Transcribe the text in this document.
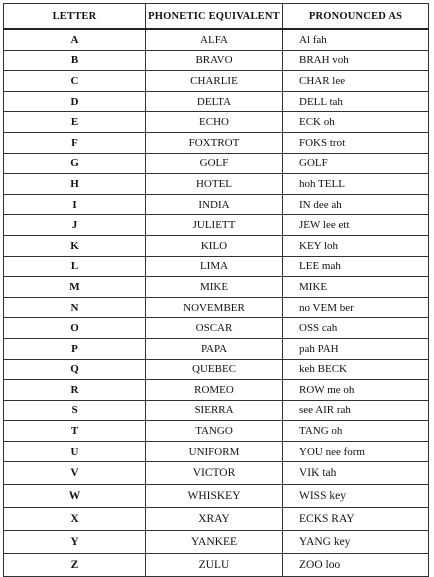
LETTER	PHONETIC EQUIVALENT	PRONOUNCED AS
A	ALFA	Al fah
B	BRAVO	BRAH voh
C	CHARLIE	CHAR lee
D	DELTA	DELL tah
E	ECHO	ECK oh
F	FOXTROT	FOKS trot
G	GOLF	GOLF
H	HOTEL	hoh TELL
I	INDIA	IN dee ah
J	JULIETT	JEW lee ett
K	KILO	KEY loh
L	LIMA	LEE mah
M	MIKE	MIKE
N	NOVEMBER	no VEM ber
O	OSCAR	OSS cah
P	PAPA	pah PAH
Q	QUEBEC	keh BECK
R	ROMEO	ROW me oh
S	SIERRA	see AIR rah
T	TANGO	TANG oh
U	UNIFORM	YOU nee form
V	VICTOR	VIK tah
W	WHISKEY	WISS key
X	XRAY	ECKS RAY
Y	YANKEE	YANG key
Z	ZULU	ZOO loo
